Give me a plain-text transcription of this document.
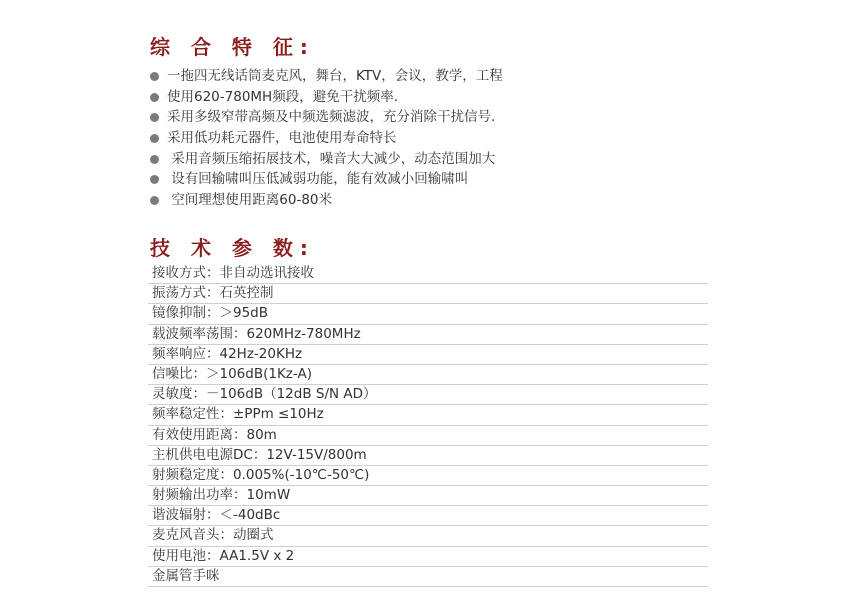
综 合 特 征:
一拖四无线话筒麦克风，舞台，KTV，会议，教学，工程
使用620-780MH频段，避免干扰频率.
采用多级窄带高频及中频选频滤波，充分消除干扰信号.
采用低功耗元器件，电池使用寿命特长
采用音频压缩拓展技术，噪音大大减少，动态范围加大
设有回输啸叫压低减弱功能，能有效减小回输啸叫
空间理想使用距离60-80米
技 术 参 数:
接收方式：非自动选讯接收
振荡方式：石英控制
镜像抑制：＞95dB
载波频率荡围：620MHz-780MHz
频率响应：42Hz-20KHz
信噪比：＞106dB(1Kz-A)
灵敏度：－106dB（12dB S/N AD）
频率稳定性：±PPm ≤10Hz
有效使用距离：80m
主机供电电源DC：12V-15V/800m
射频稳定度：0.005%(-10℃-50℃)
射频输出功率：10mW
谐波辐射：＜-40dBc
麦克风音头：动圈式
使用电池：AA1.5V x 2
金属管手咪
